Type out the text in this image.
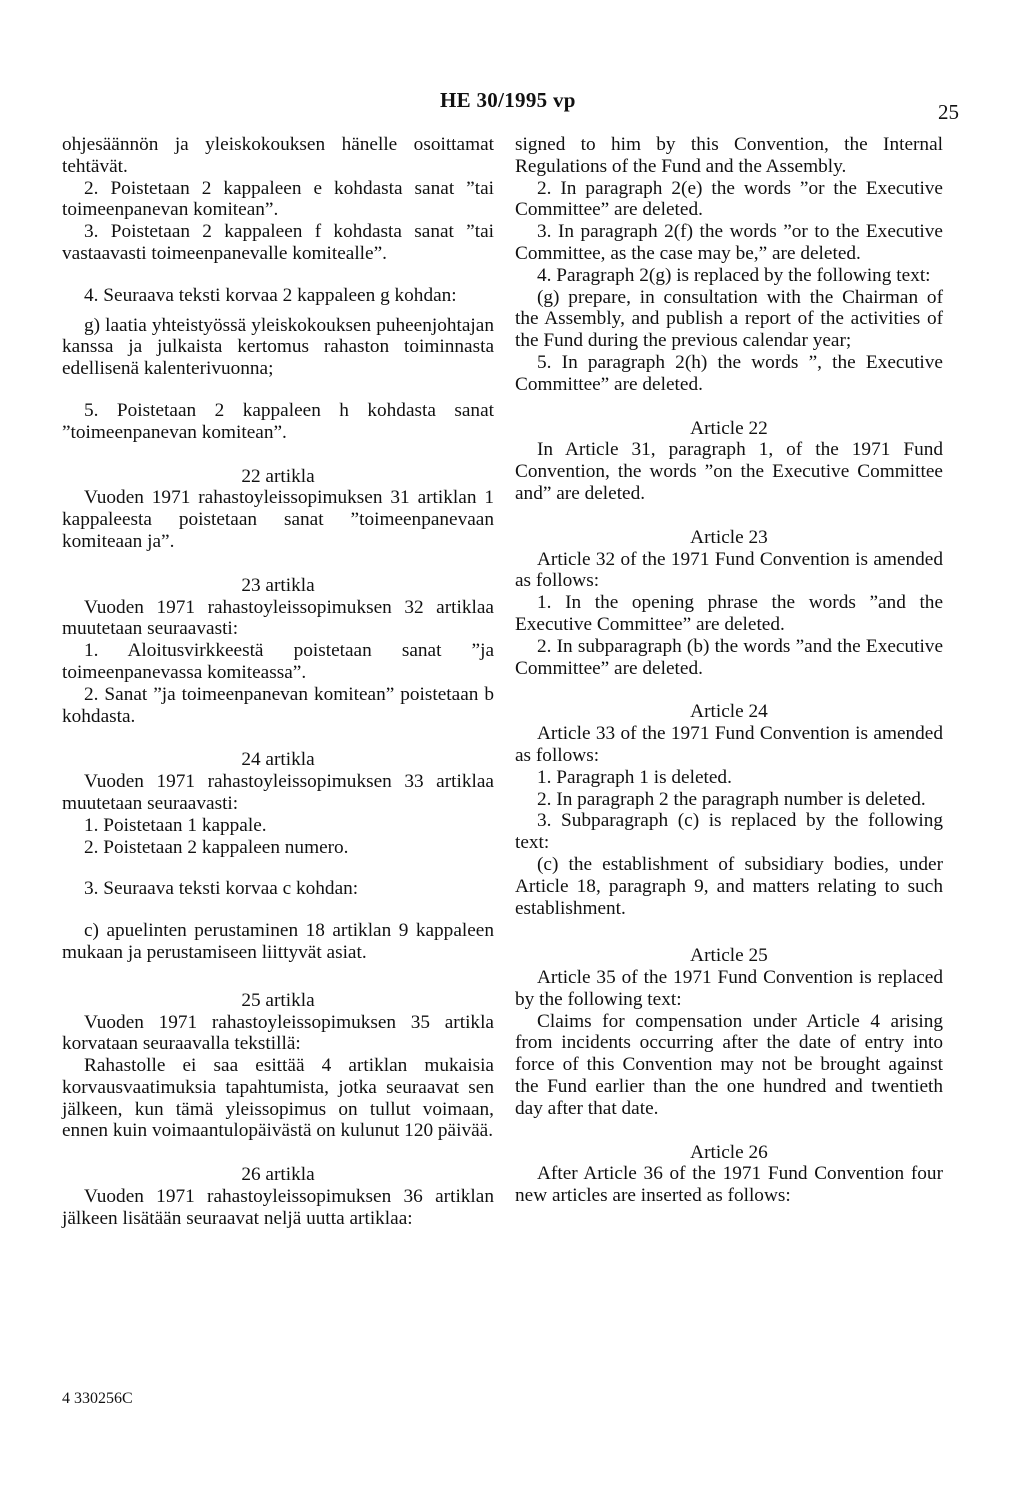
HE 30/1995 vp	25

ohjesäännön ja yleiskokouksen hänelle osoittamat tehtävät.

2. Poistetaan 2 kappaleen e kohdasta sanat ”tai toimeenpanevan komitean”.

3. Poistetaan 2 kappaleen f kohdasta sanat ”tai vastaavasti toimeenpanevalle komitealle”.

4. Seuraava teksti korvaa 2 kappaleen g kohdan:

g) laatia yhteistyössä yleiskokouksen puheenjohtajan kanssa ja julkaista kertomus rahaston toiminnasta edellisenä kalenterivuonna;

5. Poistetaan 2 kappaleen h kohdasta sanat ”toimeenpanevan komitean”.

22 artikla

Vuoden 1971 rahastoyleissopimuksen 31 artiklan 1 kappaleesta poistetaan sanat ”toimeenpanevaan komiteaan ja”.

23 artikla

Vuoden 1971 rahastoyleissopimuksen 32 artiklaa muutetaan seuraavasti:

1. Aloitusvirkkeestä poistetaan sanat ”ja toimeenpanevassa komiteassa”.

2. Sanat ”ja toimeenpanevan komitean” poistetaan b kohdasta.

24 artikla

Vuoden 1971 rahastoyleissopimuksen 33 artiklaa muutetaan seuraavasti:

1. Poistetaan 1 kappale.

2. Poistetaan 2 kappaleen numero.

3. Seuraava teksti korvaa c kohdan:

c) apuelinten perustaminen 18 artiklan 9 kappaleen mukaan ja perustamiseen liittyvät asiat.

25 artikla

Vuoden 1971 rahastoyleissopimuksen 35 artikla korvataan seuraavalla tekstillä:

Rahastolle ei saa esittää 4 artiklan mukaisia korvausvaatimuksia tapahtumista, jotka seuraavat sen jälkeen, kun tämä yleissopimus on tullut voimaan, ennen kuin voimaantulopäivästä on kulunut 120 päivää.

26 artikla

Vuoden 1971 rahastoyleissopimuksen 36 artiklan jälkeen lisätään seuraavat neljä uutta artiklaa:

signed to him by this Convention, the Internal Regulations of the Fund and the Assembly.

2. In paragraph 2(e) the words ”or the Executive Committee” are deleted.

3. In paragraph 2(f) the words ”or to the Executive Committee, as the case may be,” are deleted.

4. Paragraph 2(g) is replaced by the following text:

(g) prepare, in consultation with the Chairman of the Assembly, and publish a report of the activities of the Fund during the previous calendar year;

5. In paragraph 2(h) the words ”, the Executive Committee” are deleted.

Article 22

In Article 31, paragraph 1, of the 1971 Fund Convention, the words ”on the Executive Committee and” are deleted.

Article 23

Article 32 of the 1971 Fund Convention is amended as follows:

1. In the opening phrase the words ”and the Executive Committee” are deleted.

2. In subparagraph (b) the words ”and the Executive Committee” are deleted.

Article 24

Article 33 of the 1971 Fund Convention is amended as follows:

1. Paragraph 1 is deleted.

2. In paragraph 2 the paragraph number is deleted.

3. Subparagraph (c) is replaced by the following text:

(c) the establishment of subsidiary bodies, under Article 18, paragraph 9, and matters relating to such establishment.

Article 25

Article 35 of the 1971 Fund Convention is replaced by the following text:

Claims for compensation under Article 4 arising from incidents occurring after the date of entry into force of this Convention may not be brought against the Fund earlier than the one hundred and twentieth day after that date.

Article 26

After Article 36 of the 1971 Fund Convention four new articles are inserted as follows:

4 330256C
